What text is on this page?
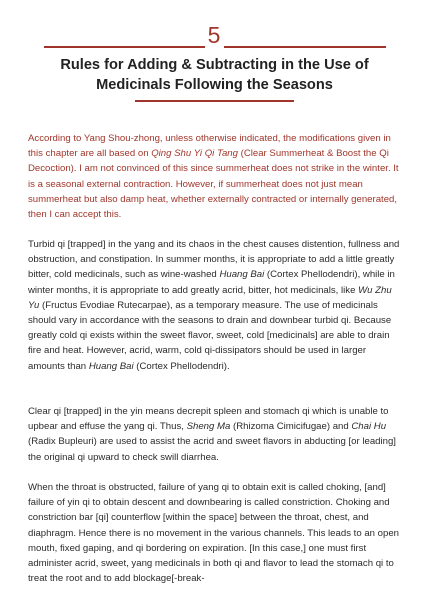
5
Rules for Adding & Subtracting in the Use of Medicinals Following the Seasons

According to Yang Shou-zhong, unless otherwise indicated, the modifications given in this chapter are all based on Qing Shu Yi Qi Tang (Clear Summerheat & Boost the Qi Decoction). I am not convinced of this since summerheat does not strike in the winter. It is a seasonal external contraction. However, if summerheat does not just mean summerheat but also damp heat, whether externally contracted or internally generated, then I can accept this.

Turbid qi [trapped] in the yang and its chaos in the chest causes distention, fullness and obstruction, and constipation. In summer months, it is appropriate to add a little greatly bitter, cold medicinals, such as wine-washed Huang Bai (Cortex Phellodendri), while in winter months, it is appropriate to add greatly acrid, bitter, hot medicinals, like Wu Zhu Yu (Fructus Evodiae Rutecarpae), as a temporary measure. The use of medicinals should vary in accordance with the seasons to drain and downbear turbid qi. Because greatly cold qi exists within the sweet flavor, sweet, cold [medicinals] are able to drain fire and heat. However, acrid, warm, cold qi-dissipators should be used in larger amounts than Huang Bai (Cortex Phellodendri).

Clear qi [trapped] in the yin means decrepit spleen and stomach qi which is unable to upbear and effuse the yang qi. Thus, Sheng Ma (Rhizoma Cimicifugae) and Chai Hu (Radix Bupleuri) are used to assist the acrid and sweet flavors in abducting [or leading] the original qi upward to check swill diarrhea.

When the throat is obstructed, failure of yang qi to obtain exit is called choking, [and] failure of yin qi to obtain descent and downbearing is called constriction. Choking and constriction bar [qi] counterflow [within the space] between the throat, chest, and diaphragm. Hence there is no movement in the various channels. This leads to an open mouth, fixed gaping, and qi bordering on expiration. [In this case,] one must first administer acrid, sweet, yang medicinals in both qi and flavor to lead the stomach qi to treat the root and to add blockage[-break-
